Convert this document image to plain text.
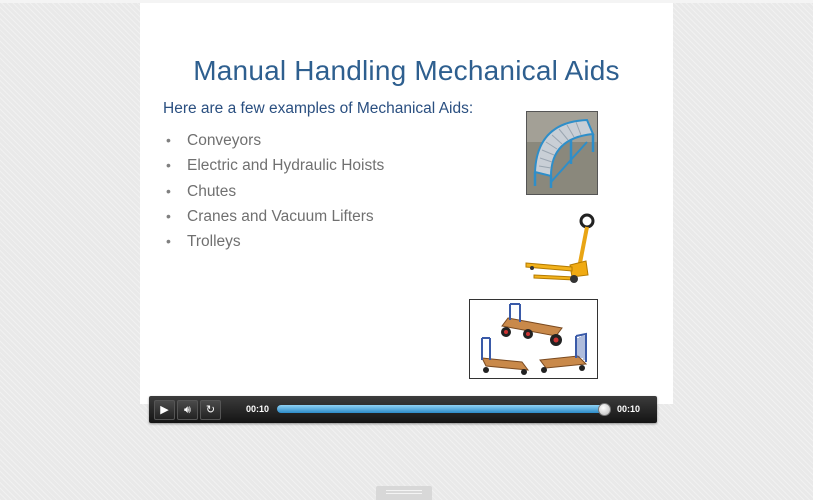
Manual Handling Mechanical Aids
Here are a few examples of Mechanical Aids:
• Conveyors
• Electric and Hydraulic Hoists
• Chutes
• Cranes and Vacuum Lifters
• Trolleys
▶	🔊︎	↻	00:10	00:10
